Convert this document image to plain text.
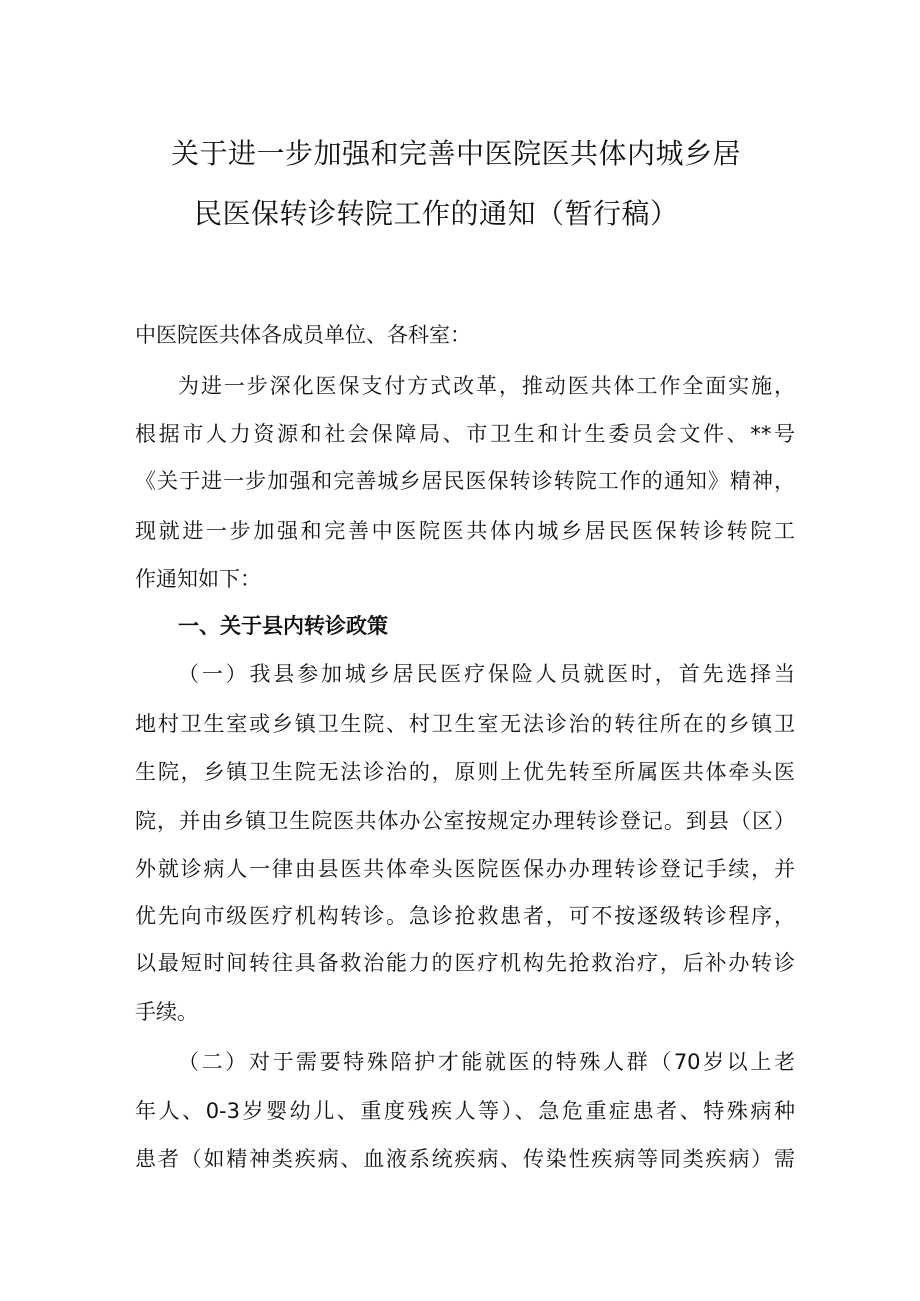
关于进一步加强和完善中医院医共体内城乡居
民医保转诊转院工作的通知（暂行稿）
中医院医共体各成员单位、各科室：
为进一步深化医保支付方式改革，推动医共体工作全面实施，
根据市人力资源和社会保障局、市卫生和计生委员会文件、**号
《关于进一步加强和完善城乡居民医保转诊转院工作的通知》精神，
现就进一步加强和完善中医院医共体内城乡居民医保转诊转院工
作通知如下：
一、关于县内转诊政策
（一）我县参加城乡居民医疗保险人员就医时，首先选择当
地村卫生室或乡镇卫生院、村卫生室无法诊治的转往所在的乡镇卫
生院，乡镇卫生院无法诊治的，原则上优先转至所属医共体牵头医
院，并由乡镇卫生院医共体办公室按规定办理转诊登记。到县（区）
外就诊病人一律由县医共体牵头医院医保办办理转诊登记手续，并
优先向市级医疗机构转诊。急诊抢救患者，可不按逐级转诊程序，
以最短时间转往具备救治能力的医疗机构先抢救治疗，后补办转诊
手续。
（二）对于需要特殊陪护才能就医的特殊人群（70岁以上老
年人、0-3岁婴幼儿、重度残疾人等）、急危重症患者、特殊病种
患者（如精神类疾病、血液系统疾病、传染性疾病等同类疾病）需
